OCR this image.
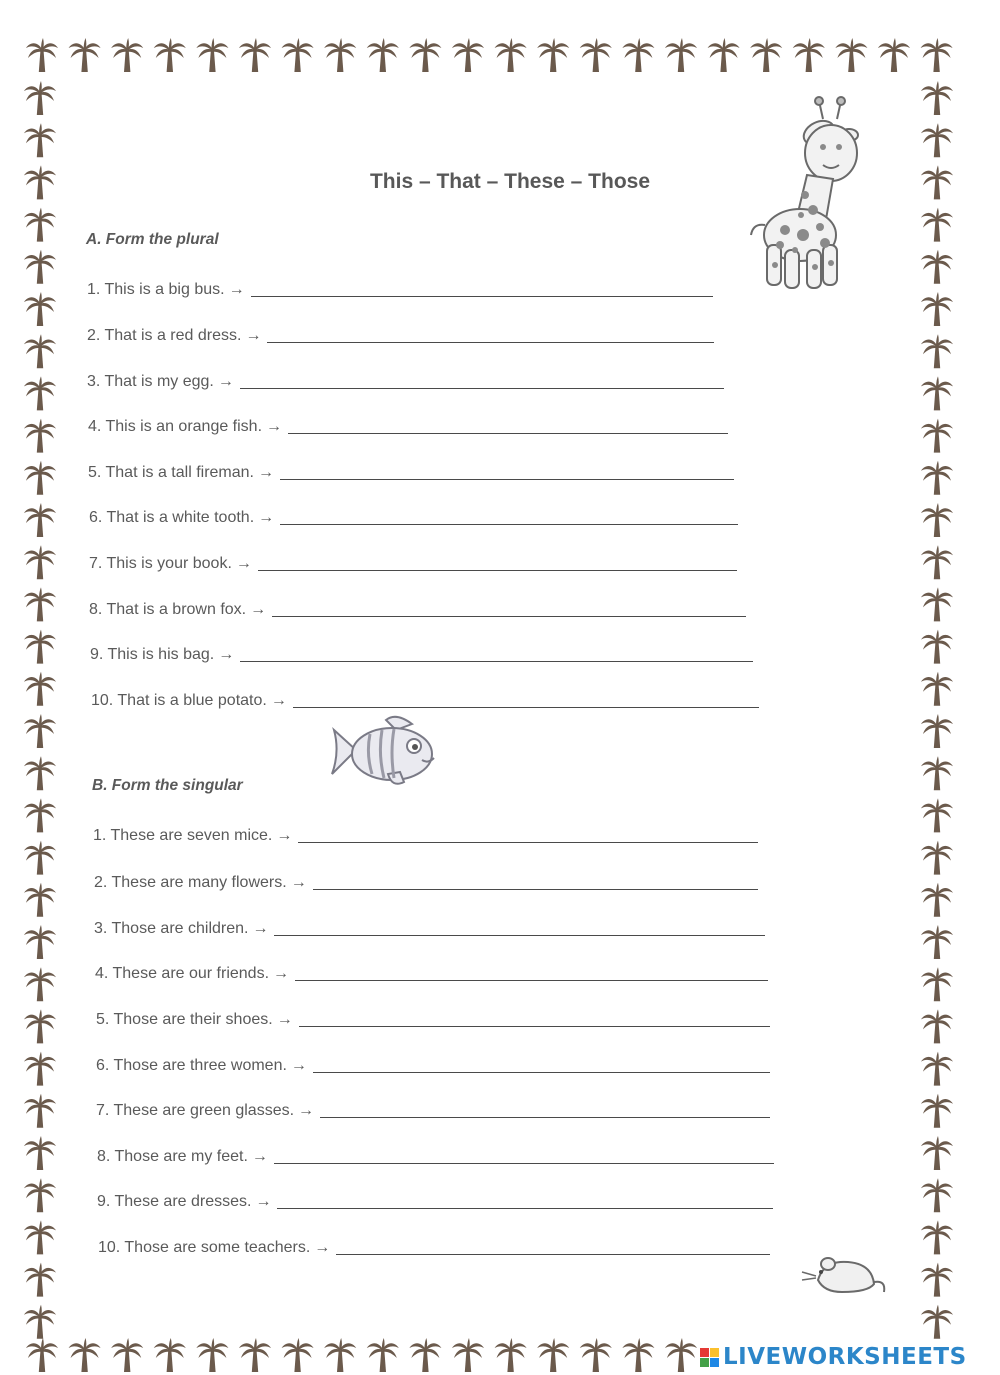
This – That – These – Those
A. Form the plural
1. This is a big bus. →
2. That is a red dress. →
3. That is my egg. →
4. This is an orange fish. →
5. That is a tall fireman. →
6. That is a white tooth. →
7. This is your book. →
8. That is a brown fox. →
9. This is his bag. →
10. That is a blue potato. →
B. Form the singular
1. These are seven mice. →
2. These are many flowers. →
3. Those are children. →
4. These are our friends. →
5. Those are their shoes. →
6. Those are three women. →
7. These are green glasses. →
8. Those are my feet. →
9. These are dresses. →
10. Those are some teachers. →
LIVEWORKSHEETS
